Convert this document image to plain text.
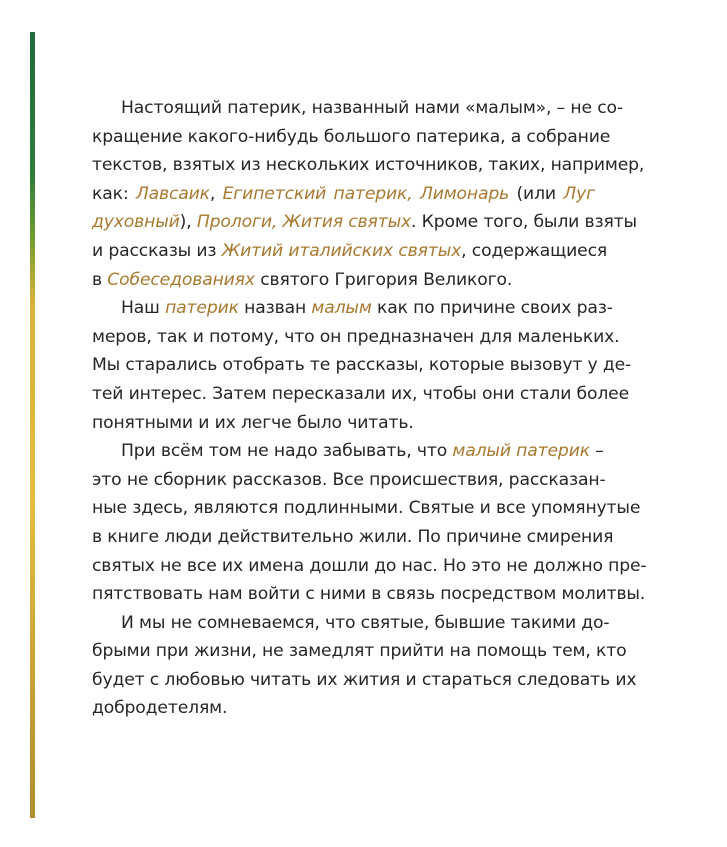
Настоящий патерик, названный нами «малым», – не со-
кращение какого-нибудь большого патерика, а собрание
текстов, взятых из нескольких источников, таких, например,
как: Лавсаик, Египетский патерик, Лимонарь (или Луг
духовный), Прологи, Жития святых. Кроме того, были взяты
и рассказы из Житий италийских святых, содержащиеся
в Собеседованиях святого Григория Великого.
Наш патерик назван малым как по причине своих раз-
меров, так и потому, что он предназначен для маленьких.
Мы старались отобрать те рассказы, которые вызовут у де-
тей интерес. Затем пересказали их, чтобы они стали более
понятными и их легче было читать.
При всём том не надо забывать, что малый патерик –
это не сборник рассказов. Все происшествия, рассказан-
ные здесь, являются подлинными. Святые и все упомянутые
в книге люди действительно жили. По причине смирения
святых не все их имена дошли до нас. Но это не должно пре-
пятствовать нам войти с ними в связь посредством молитвы.
И мы не сомневаемся, что святые, бывшие такими до-
брыми при жизни, не замедлят прийти на помощь тем, кто
будет с любовью читать их жития и стараться следовать их
добродетелям.
